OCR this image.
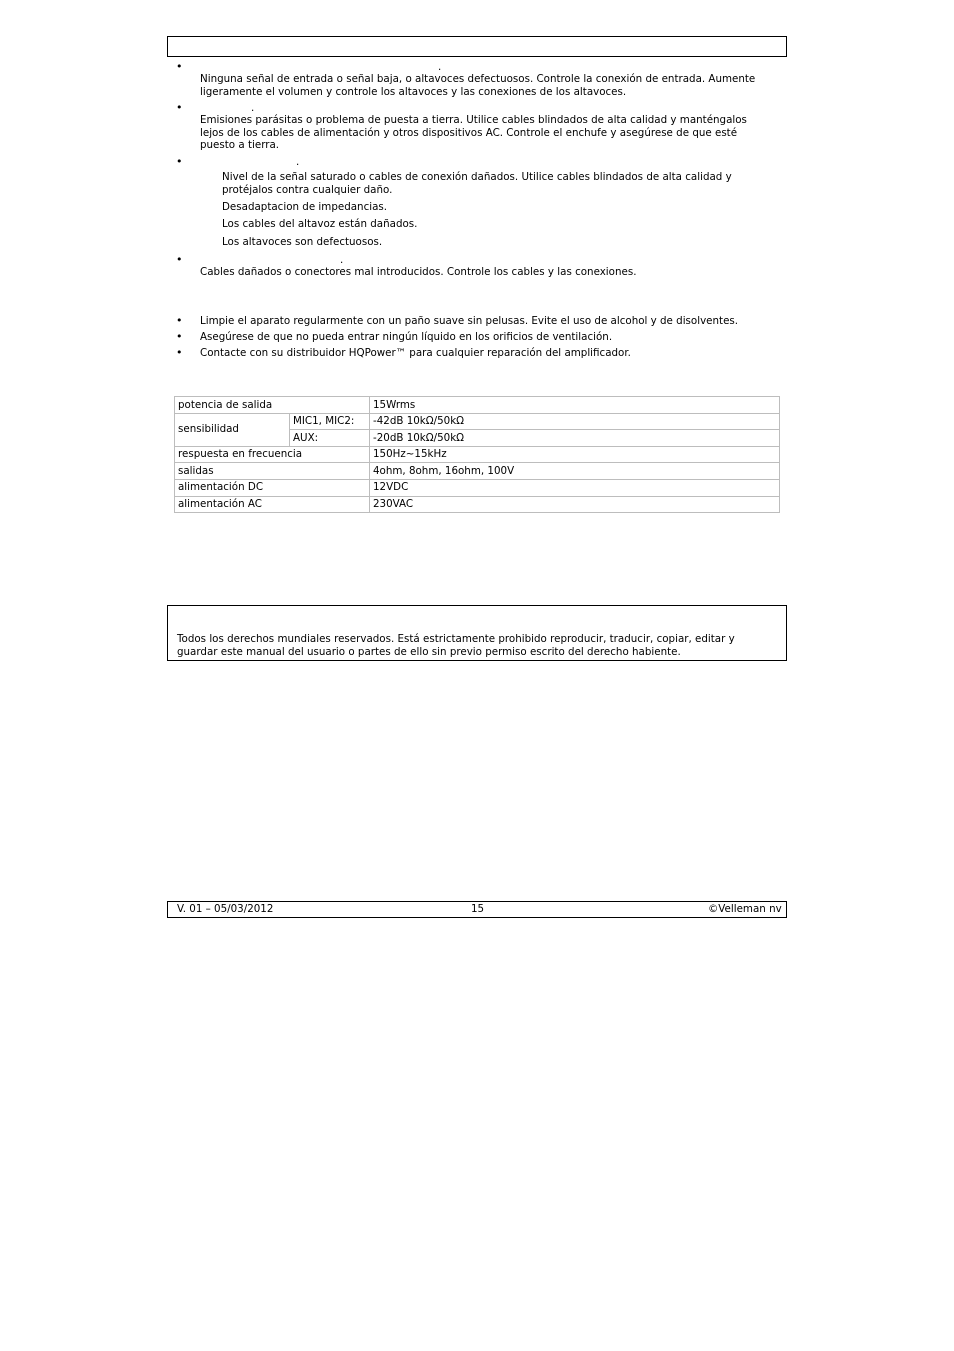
•	.
Ninguna señal de entrada o señal baja, o altavoces defectuosos. Controle la conexión de entrada. Aumente ligeramente el volumen y controle los altavoces y las conexiones de los altavoces.
•	.
Emisiones parásitas o problema de puesta a tierra. Utilice cables blindados de alta calidad y manténgalos lejos de los cables de alimentación y otros dispositivos AC. Controle el enchufe y asegúrese de que esté puesto a tierra.
•	.
Nivel de la señal saturado o cables de conexión dañados. Utilice cables blindados de alta calidad y protéjalos contra cualquier daño.
Desadaptacion de impedancias.
Los cables del altavoz están dañados.
Los altavoces son defectuosos.
•	.
Cables dañados o conectores mal introducidos. Controle los cables y las conexiones.
• Limpie el aparato regularmente con un paño suave sin pelusas. Evite el uso de alcohol y de disolventes.
• Asegúrese de que no pueda entrar ningún líquido en los orificios de ventilación.
• Contacte con su distribuidor HQPower™ para cualquier reparación del amplificador.
potencia de salida		15Wrms
sensibilidad	MIC1, MIC2:	-42dB 10kΩ/50kΩ
	AUX:	-20dB 10kΩ/50kΩ
respuesta en frecuencia		150Hz~15kHz
salidas		4ohm, 8ohm, 16ohm, 100V
alimentación DC		12VDC
alimentación AC		230VAC
Todos los derechos mundiales reservados. Está estrictamente prohibido reproducir, traducir, copiar, editar y guardar este manual del usuario o partes de ello sin previo permiso escrito del derecho habiente.
V. 01 – 05/03/2012	15	©Velleman nv
